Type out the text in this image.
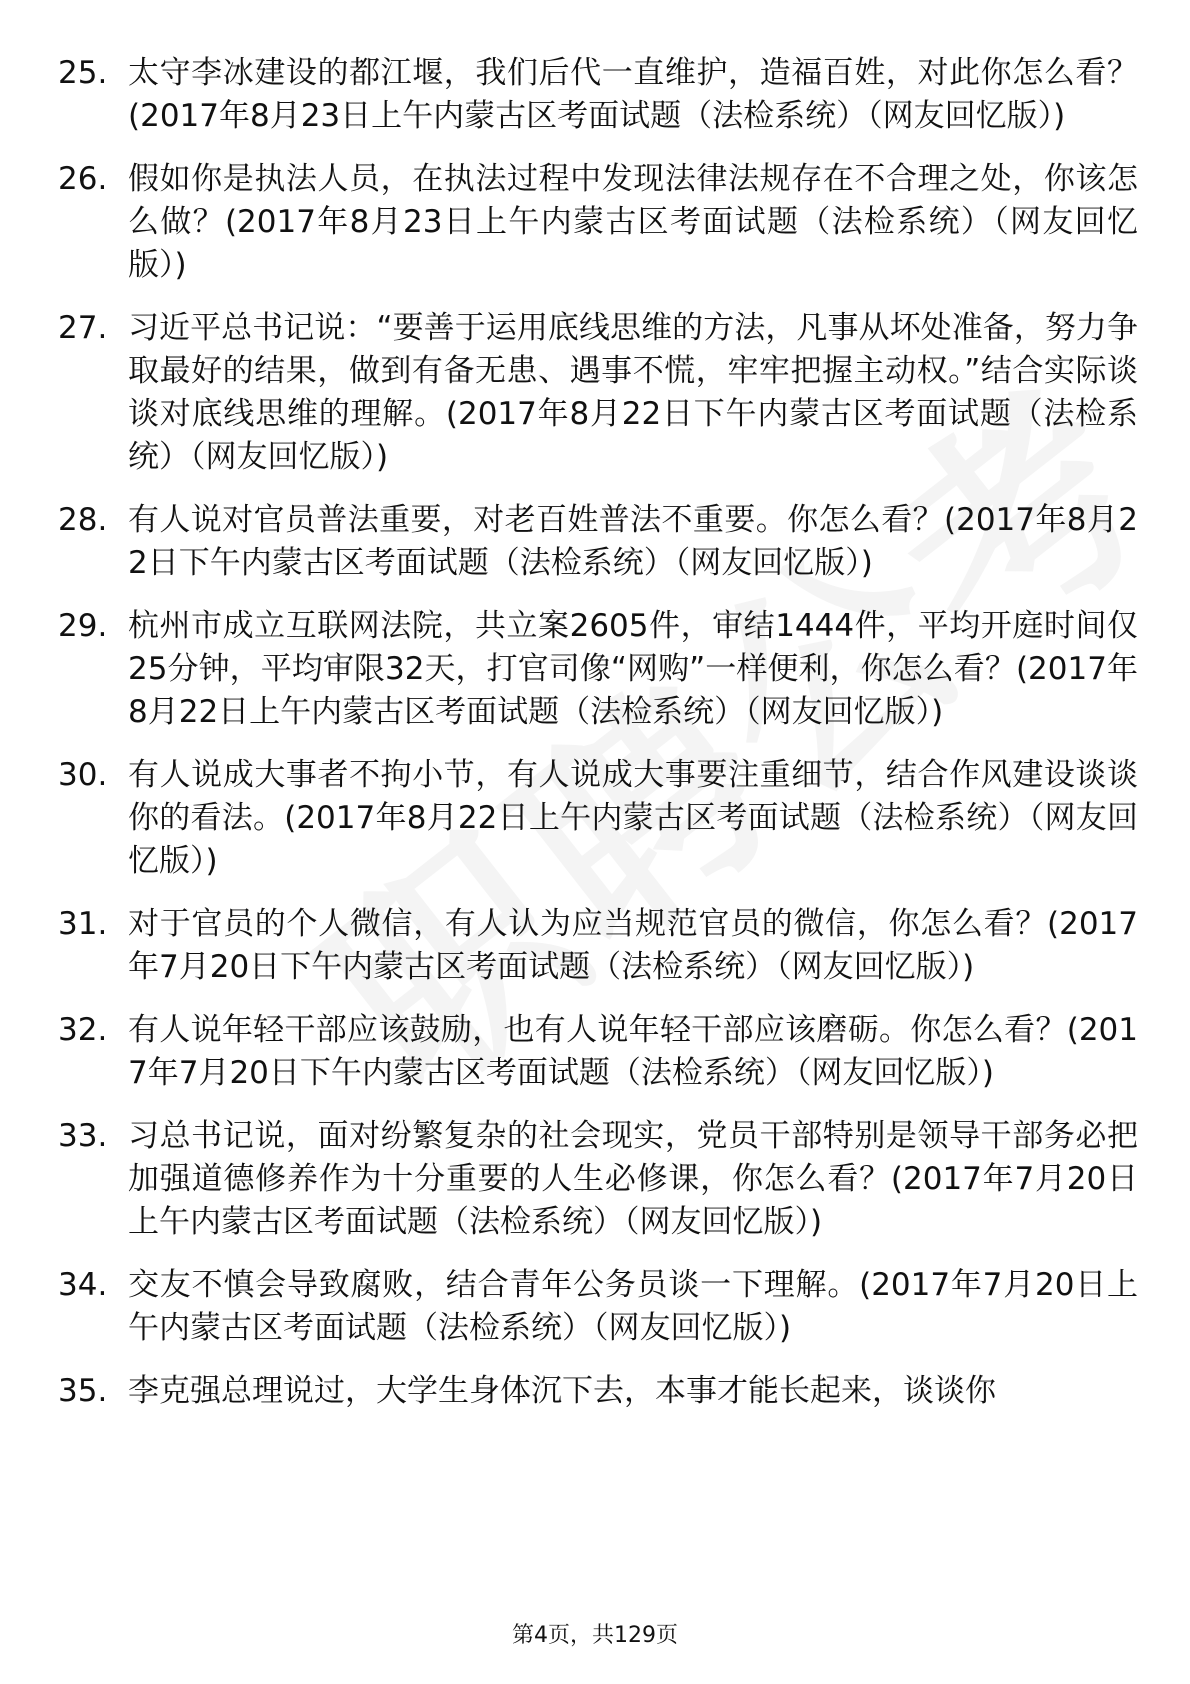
25. 太守李冰建设的都江堰，我们后代一直维护，造福百姓，对此你怎么看？(2017年8月23日上午内蒙古区考面试题（法检系统）（网友回忆版）)
26. 假如你是执法人员，在执法过程中发现法律法规存在不合理之处，你该怎么做？(2017年8月23日上午内蒙古区考面试题（法检系统）（网友回忆版）)
27. 习近平总书记说：“要善于运用底线思维的方法，凡事从坏处准备，努力争取最好的结果，做到有备无患、遇事不慌，牢牢把握主动权。”结合实际谈谈对底线思维的理解。(2017年8月22日下午内蒙古区考面试题（法检系统）（网友回忆版）)
28. 有人说对官员普法重要，对老百姓普法不重要。你怎么看？(2017年8月22日下午内蒙古区考面试题（法检系统）（网友回忆版）)
29. 杭州市成立互联网法院，共立案2605件，审结1444件，平均开庭时间仅25分钟，平均审限32天，打官司像“网购”一样便利，你怎么看？(2017年8月22日上午内蒙古区考面试题（法检系统）（网友回忆版）)
30. 有人说成大事者不拘小节，有人说成大事要注重细节，结合作风建设谈谈你的看法。(2017年8月22日上午内蒙古区考面试题（法检系统）（网友回忆版）)
31. 对于官员的个人微信，有人认为应当规范官员的微信，你怎么看？(2017年7月20日下午内蒙古区考面试题（法检系统）（网友回忆版）)
32. 有人说年轻干部应该鼓励，也有人说年轻干部应该磨砺。你怎么看？(2017年7月20日下午内蒙古区考面试题（法检系统）（网友回忆版）)
33. 习总书记说，面对纷繁复杂的社会现实，党员干部特别是领导干部务必把加强道德修养作为十分重要的人生必修课，你怎么看？(2017年7月20日上午内蒙古区考面试题（法检系统）（网友回忆版）)
34. 交友不慎会导致腐败，结合青年公务员谈一下理解。(2017年7月20日上午内蒙古区考面试题（法检系统）（网友回忆版）)
35. 李克强总理说过，大学生身体沉下去，本事才能长起来，谈谈你
第4页，共129页
